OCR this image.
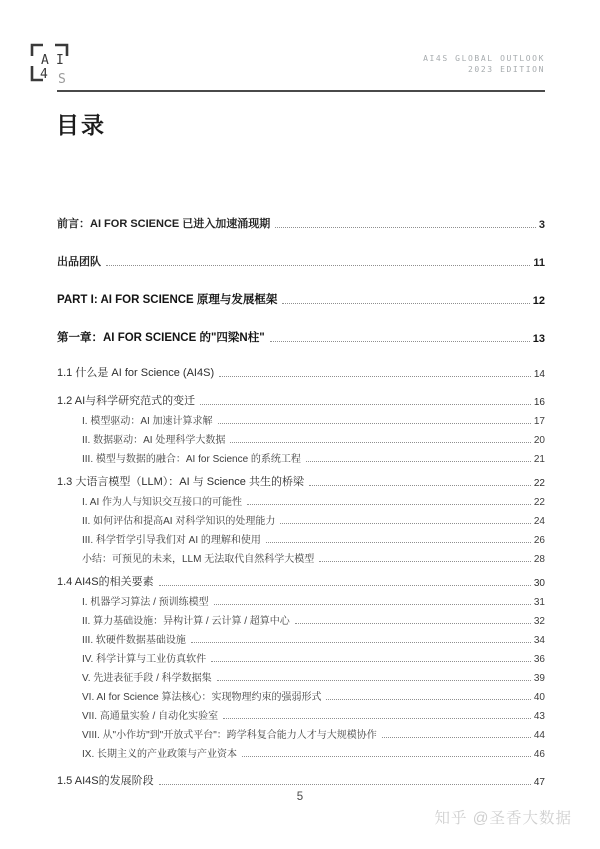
A I
4 S
AI4S GLOBAL OUTLOOK
2023 EDITION
目录
前言：AI FOR SCIENCE 已进入加速涌现期	3
出品团队	11
PART I: AI FOR SCIENCE 原理与发展框架	12
第一章：AI FOR SCIENCE 的"四梁N柱"	13
1.1 什么是 AI for Science (AI4S)	14
1.2 AI与科学研究范式的变迁	16
I. 模型驱动：AI 加速计算求解	17
II. 数据驱动：AI 处理科学大数据	20
III. 模型与数据的融合：AI for Science 的系统工程	21
1.3 大语言模型（LLM）：AI 与 Science 共生的桥梁	22
I. AI 作为人与知识交互接口的可能性	22
II. 如何评估和提高AI 对科学知识的处理能力	24
III. 科学哲学引导我们对 AI 的理解和使用	26
小结：可预见的未来，LLM 无法取代自然科学大模型	28
1.4 AI4S的相关要素	30
I. 机器学习算法 / 预训练模型	31
II. 算力基础设施：异构计算 / 云计算 / 超算中心	32
III. 软硬件数据基础设施	34
IV. 科学计算与工业仿真软件	36
V. 先进表征手段 / 科学数据集	39
VI. AI for Science 算法核心：实现物理约束的强弱形式	40
VII. 高通量实验 / 自动化实验室	43
VIII. 从"小作坊"到"开放式平台"：跨学科复合能力人才与大规模协作	44
IX. 长期主义的产业政策与产业资本	46
1.5 AI4S的发展阶段	47
5
知乎 @圣香大数据
